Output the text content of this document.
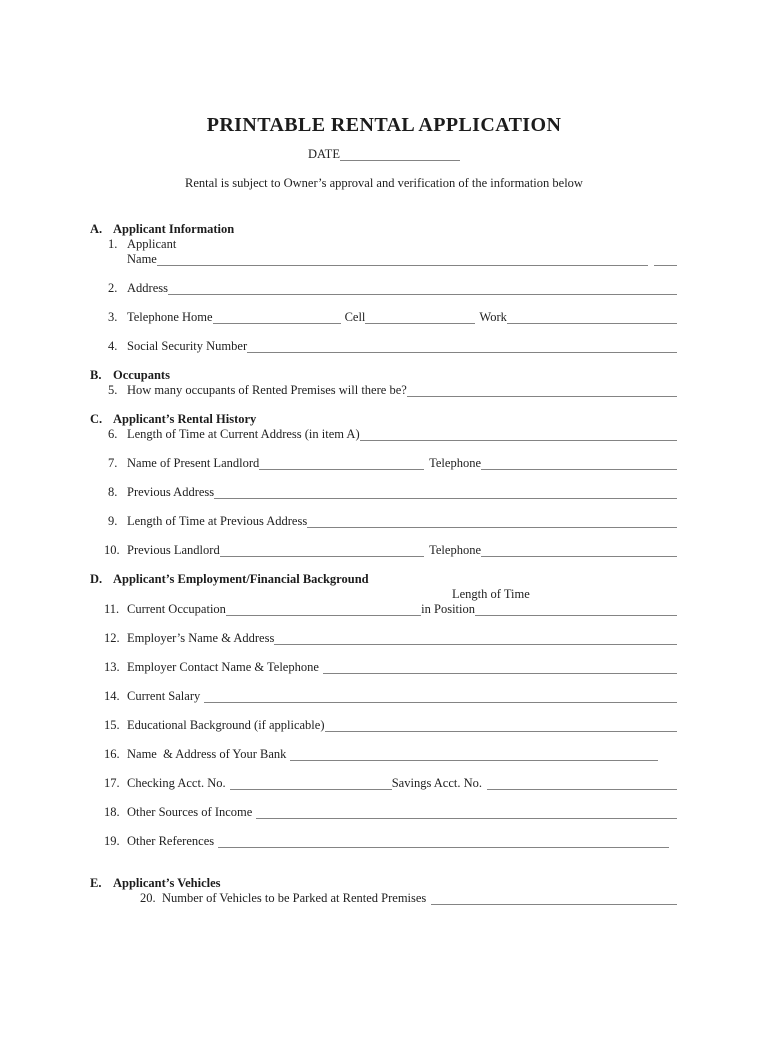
PRINTABLE RENTAL APPLICATION
DATE
Rental is subject to Owner’s approval and verification of the information below
A. Applicant Information
1. Applicant
Name
2. Address
3. Telephone Home	Cell	Work
4. Social Security Number
B. Occupants
5. How many occupants of Rented Premises will there be?
C. Applicant’s Rental History
6. Length of Time at Current Address (in item A)
7. Name of Present Landlord	Telephone
8. Previous Address
9. Length of Time at Previous Address
10. Previous Landlord	Telephone
D. Applicant’s Employment/Financial Background
Length of Time
11. Current Occupation	in Position
12. Employer’s Name & Address
13. Employer Contact Name & Telephone
14. Current Salary
15. Educational Background (if applicable)
16. Name  & Address of Your Bank
17. Checking Acct. No.	Savings Acct. No.
18. Other Sources of Income
19. Other References
E. Applicant’s Vehicles
20. Number of Vehicles to be Parked at Rented Premises
